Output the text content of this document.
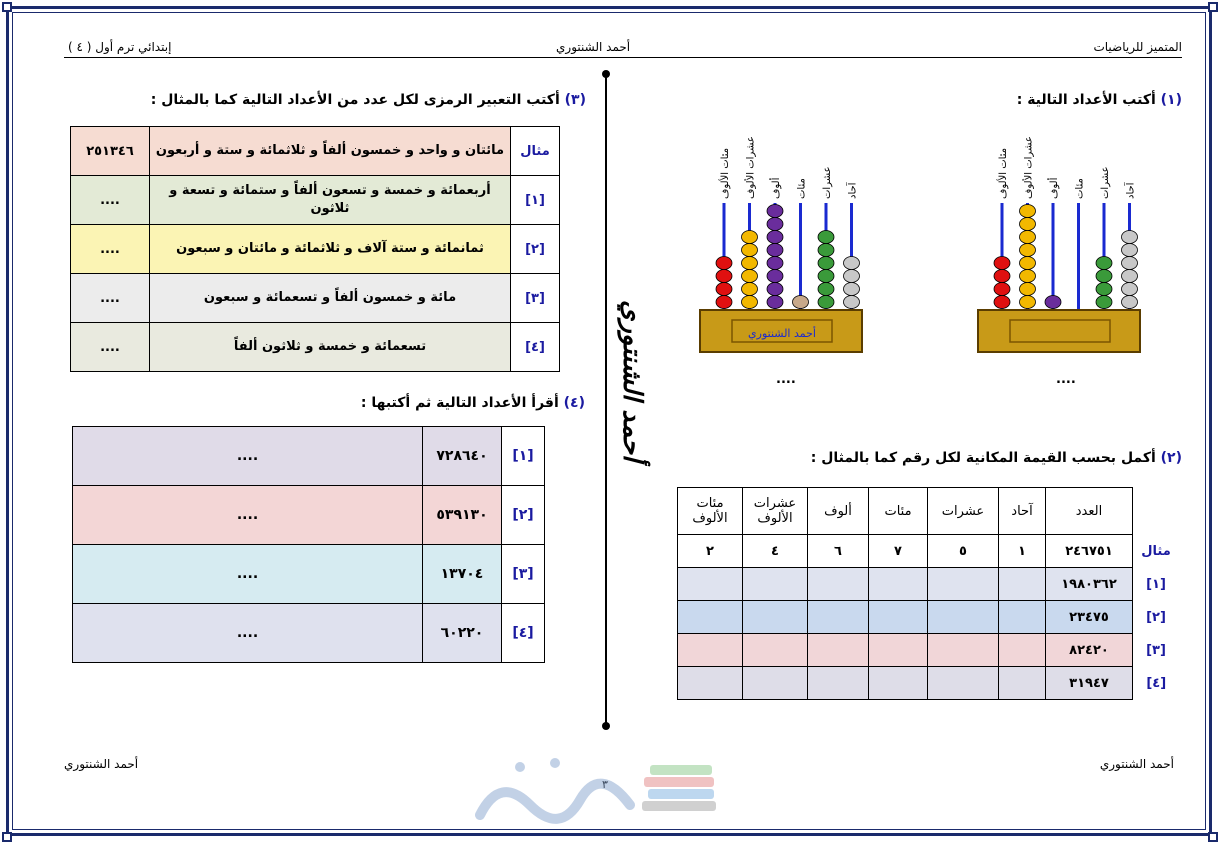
المتميز للرياضيات
أحمد الشنتوري
( ٤ ) إبتدائي ترم أول
أحمد الشنتوري
(١) أكتب الأعداد التالية :
مئات الألوف عشرات الألوف ألوف مئات عشرات آحاد
مئات الألوف عشرات الألوف ألوف مئات عشرات آحاد
أحمد الشنتوري
....
....
(٢) أكمل بحسب القيمة المكانية لكل رقم كما بالمثال :
مئات الألوف	عشرات الألوف	ألوف	مئات	عشرات	آحاد	العدد	
٢	٤	٦	٧	٥	١	٢٤٦٧٥١	مثال
						١٩٨٠٣٦٢	[١]
						٢٣٤٧٥	[٢]
						٨٢٤٢٠	[٣]
						٣١٩٤٧	[٤]
(٣) أكتب التعبير الرمزى لكل عدد من الأعداد التالية كما بالمثال :
٢٥١٣٤٦	مائتان و واحد و خمسون ألفاً و ثلاثمائة و ستة و أربعون	مثال
....	أربعمائة و خمسة و تسعون ألفاً و ستمائة و تسعة و ثلاثون	[١]
....	ثمانمائة و ستة آلاف و ثلاثمائة و مائتان و سبعون	[٢]
....	مائة و خمسون ألفاً و تسعمائة و سبعون	[٣]
....	تسعمائة و خمسة و ثلاثون ألفاً	[٤]
(٤) أقرأ الأعداد التالية ثم أكتبها :
....	٧٢٨٦٤٠	[١]
....	٥٣٩١٣٠	[٢]
....	١٣٧٠٤	[٣]
....	٦٠٢٢٠	[٤]
أحمد الشنتوري
أحمد الشنتوري
٣
